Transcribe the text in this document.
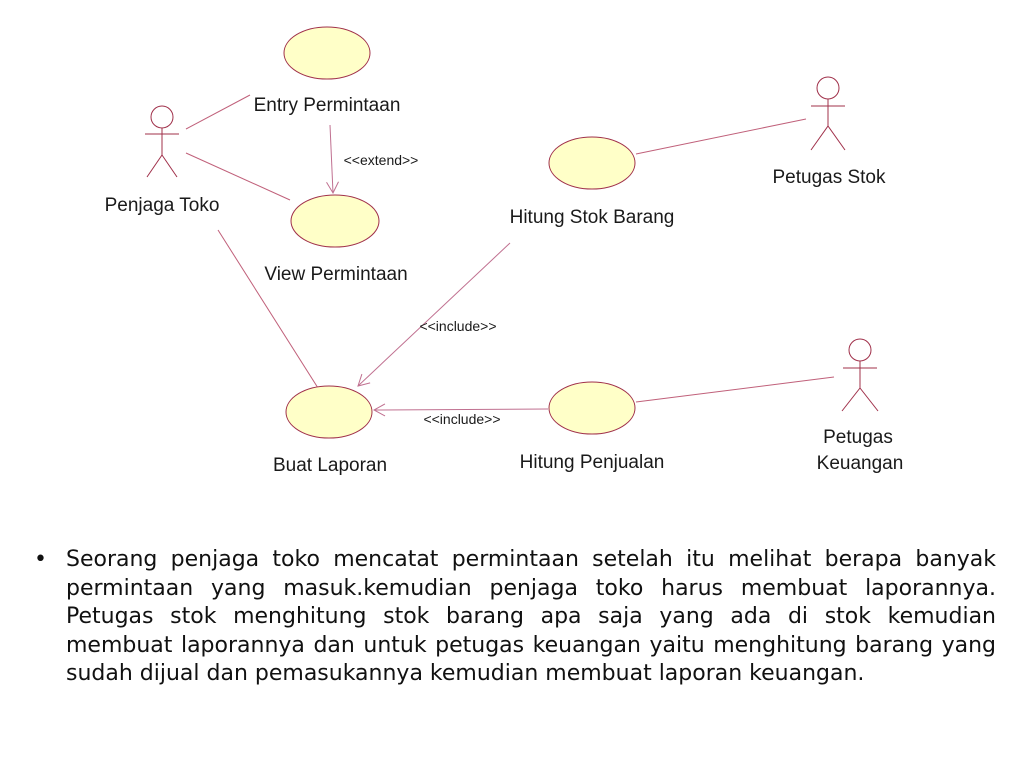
Entry Permintaan
View Permintaan
Buat Laporan
Hitung Stok Barang
Hitung Penjualan
Penjaga Toko
Petugas Stok
Petugas
Keuangan
<<extend>>
<<include>>
<<include>>
• Seorang penjaga toko mencatat permintaan setelah itu melihat berapa banyak permintaan yang masuk.kemudian penjaga toko harus membuat laporannya. Petugas stok menghitung stok barang apa saja yang ada di stok kemudian membuat laporannya dan untuk petugas keuangan yaitu menghitung barang yang sudah dijual dan pemasukannya kemudian membuat laporan keuangan.
